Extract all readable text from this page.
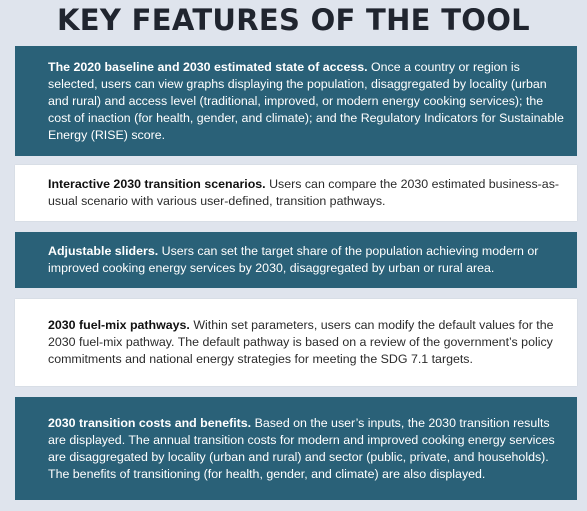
KEY FEATURES OF THE TOOL

The 2020 baseline and 2030 estimated state of access. Once a country or region is selected, users can view graphs displaying the population, disaggregated by locality (urban and rural) and access level (traditional, improved, or modern energy cooking services); the cost of inaction (for health, gender, and climate); and the Regulatory Indicators for Sustainable Energy (RISE) score.

Interactive 2030 transition scenarios. Users can compare the 2030 estimated business-as-usual scenario with various user-defined, transition pathways.

Adjustable sliders. Users can set the target share of the population achieving modern or improved cooking energy services by 2030, disaggregated by urban or rural area.

2030 fuel-mix pathways. Within set parameters, users can modify the default values for the 2030 fuel-mix pathway. The default pathway is based on a review of the government’s policy commitments and national energy strategies for meeting the SDG 7.1 targets.

2030 transition costs and benefits. Based on the user’s inputs, the 2030 transition results are displayed. The annual transition costs for modern and improved cooking energy services are disaggregated by locality (urban and rural) and sector (public, private, and households). The benefits of transitioning (for health, gender, and climate) are also displayed.
